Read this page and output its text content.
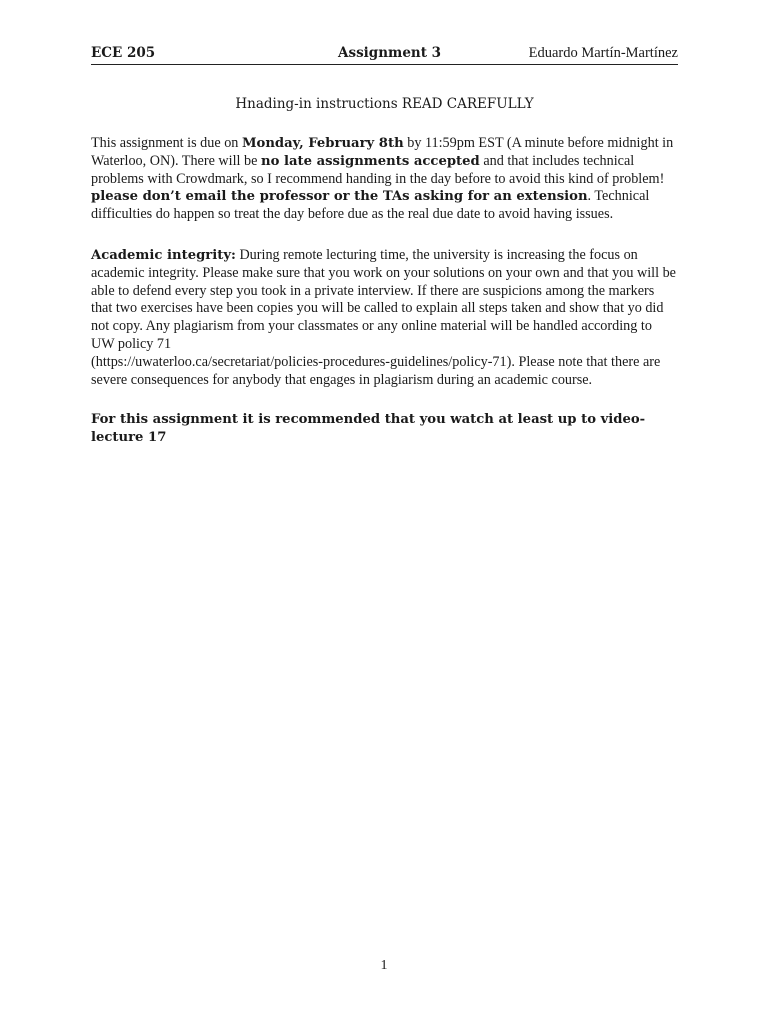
ECE 205	Assignment 3	Eduardo Martín-Martínez
Hnading-in instructions READ CAREFULLY

This assignment is due on Monday, February 8th by 11:59pm EST (A minute before midnight in Waterloo, ON). There will be no late assignments accepted and that includes technical problems with Crowdmark, so I recommend handing in the day before to avoid this kind of problem! please don’t email the professor or the TAs asking for an extension. Technical difficulties do happen so treat the day before due as the real due date to avoid having issues.

Academic integrity: During remote lecturing time, the university is increasing the focus on academic integrity. Please make sure that you work on your solutions on your own and that you will be able to defend every step you took in a private interview. If there are suspicions among the markers that two exercises have been copies you will be called to explain all steps taken and show that yo did not copy. Any plagiarism from your classmates or any online material will be handled according to UW policy 71
(https://uwaterloo.ca/secretariat/policies-procedures-guidelines/policy-71). Please note that there are severe consequences for anybody that engages in plagiarism during an academic course.

For this assignment it is recommended that you watch at least up to video-lecture 17

1
